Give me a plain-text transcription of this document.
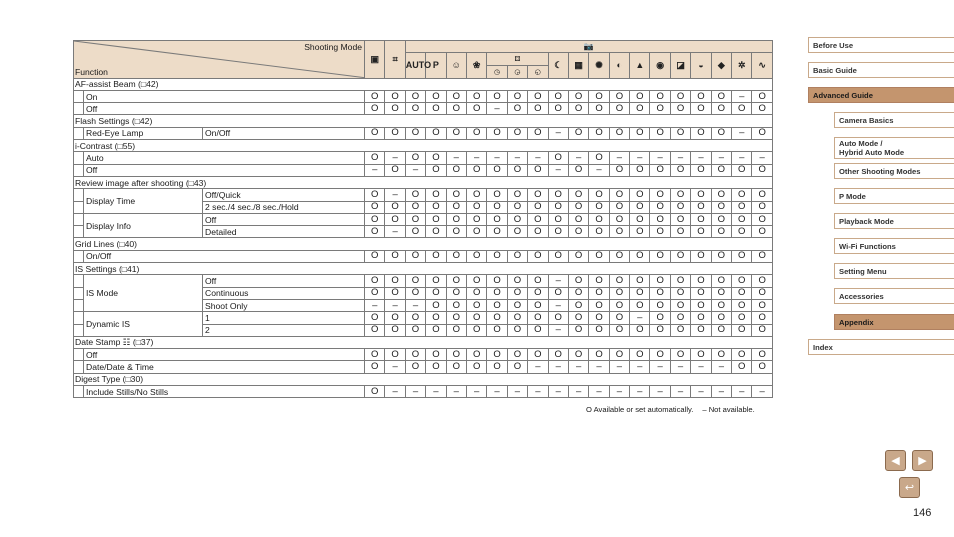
Shooting Mode
Function			▣	⌗	📷																	
					AUTO	P	☺	❀	⌑			☾	▦	✺	◐	▲	◉	◪	◒	◆	✲	∿
									◷	◶	◵											
AF-assist Beam (□42)																						
	On		O	O	O	O	O	O	O	O	O	O	O	O	O	O	O	O	O	O	–	O
	Off		O	O	O	O	O	O	–	O	O	O	O	O	O	O	O	O	O	O	O	O
Flash Settings (□42)																						
	Red-Eye Lamp	On/Off	O	O	O	O	O	O	O	O	O	–	O	O	O	O	O	O	O	O	–	O
i-Contrast (□55)																						
	Auto		O	–	O	O	–	–	–	–	–	O	–	O	–	–	–	–	–	–	–	–
	Off		–	O	–	O	O	O	O	O	O	–	O	–	O	O	O	O	O	O	O	O
Review image after shooting (□43)																						
	Display Time	Off/Quick	O	–	O	O	O	O	O	O	O	O	O	O	O	O	O	O	O	O	O	O
		2 sec./4 sec./8 sec./Hold	O	O	O	O	O	O	O	O	O	O	O	O	O	O	O	O	O	O	O	O
	Display Info	Off	O	O	O	O	O	O	O	O	O	O	O	O	O	O	O	O	O	O	O	O
		Detailed	O	–	O	O	O	O	O	O	O	O	O	O	O	O	O	O	O	O	O	O
Grid Lines (□40)																						
	On/Off		O	O	O	O	O	O	O	O	O	O	O	O	O	O	O	O	O	O	O	O
IS Settings (□41)																						
	IS Mode	Off	O	O	O	O	O	O	O	O	O	–	O	O	O	O	O	O	O	O	O	O
		Continuous	O	O	O	O	O	O	O	O	O	O	O	O	O	O	O	O	O	O	O	O
		Shoot Only	–	–	–	O	O	O	O	O	O	–	O	O	O	O	O	O	O	O	O	O
	Dynamic IS	1	O	O	O	O	O	O	O	O	O	O	O	O	O	–	O	O	O	O	O	O
		2	O	O	O	O	O	O	O	O	O	–	O	O	O	O	O	O	O	O	O	O
Date Stamp ☷ (□37)																						
	Off		O	O	O	O	O	O	O	O	O	O	O	O	O	O	O	O	O	O	O	O
	Date/Date & Time		O	–	O	O	O	O	O	O	–	–	–	–	–	–	–	–	–	–	O	O
Digest Type (□30)																						
	Include Stills/No Stills		O	–	–	–	–	–	–	–	–	–	–	–	–	–	–	–	–	–	–	–
O Available or set automatically. – Not available.
Before Use
Basic Guide
Advanced Guide
Camera Basics
Auto Mode /
Hybrid Auto Mode
Other Shooting Modes
P Mode
Playback Mode
Wi-Fi Functions
Setting Menu
Accessories
Appendix
Index
◀ ▶
↩
146
